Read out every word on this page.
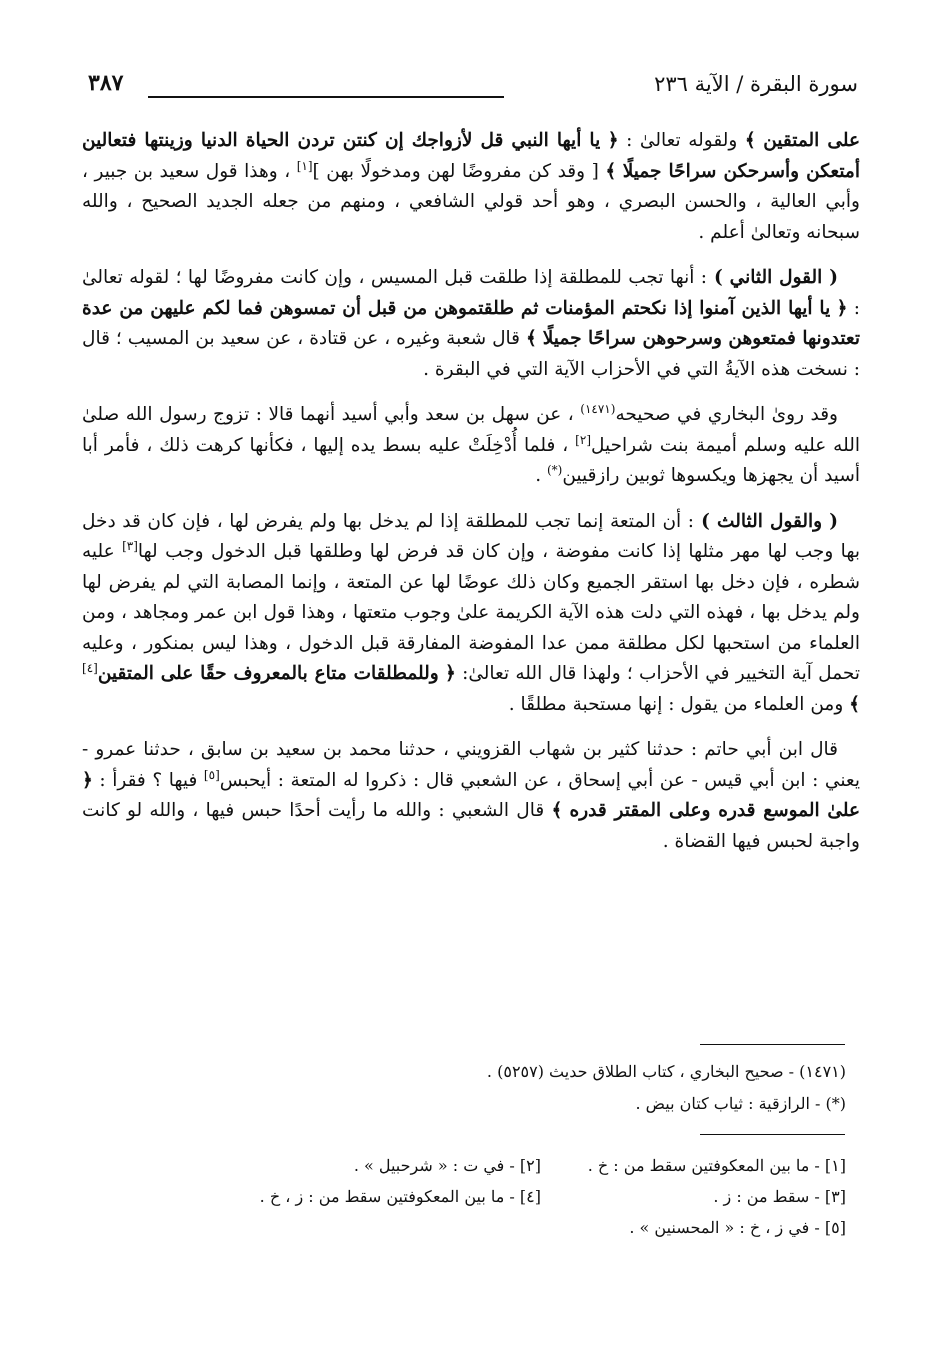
سورة البقرة / الآية ٢٣٦
٣٨٧

على المتقين ﴾ ولقوله تعالىٰ : ﴿ يا أيها النبي قل لأزواجك إن كنتن تردن الحياة الدنيا وزينتها فتعالين أمتعكن وأسرحكن سراحًا جميلًا ﴾ [ وقد كن مفروضًا لهن ومدخولًا بهن ][١] ، وهذا قول سعيد بن جبير ، وأبي العالية ، والحسن البصري ، وهو أحد قولي الشافعي ، ومنهم من جعله الجديد الصحيح ، والله سبحانه وتعالىٰ أعلم .

( القول الثاني ) : أنها تجب للمطلقة إذا طلقت قبل المسيس ، وإن كانت مفروضًا لها ؛ لقوله تعالىٰ : ﴿ يا أيها الذين آمنوا إذا نكحتم المؤمنات ثم طلقتموهن من قبل أن تمسوهن فما لكم عليهن من عدة تعتدونها فمتعوهن وسرحوهن سراحًا جميلًا ﴾ قال شعبة وغيره ، عن قتادة ، عن سعيد بن المسيب ؛ قال : نسخت هذه الآيةُ التي في الأحزاب الآية التي في البقرة .

وقد روىٰ البخاري في صحيحه$^{(١٤٧١)}$ ، عن سهل بن سعد وأبي أسيد أنهما قالا : تزوج رسول الله صلىٰ الله عليه وسلم أميمة بنت شراحيل[٢] ، فلما أُدْخِلَتْ عليه بسط يده إليها ، فكأنها كرهت ذلك ، فأمر أبا أسيد أن يجهزها ويكسوها ثوبين رازقيين(*) .

( والقول الثالث ) : أن المتعة إنما تجب للمطلقة إذا لم يدخل بها ولم يفرض لها ، فإن كان قد دخل بها وجب لها مهر مثلها إذا كانت مفوضة ، وإن كان قد فرض لها وطلقها قبل الدخول وجب لها[٣] عليه شطره ، فإن دخل بها استقر الجميع وكان ذلك عوضًا لها عن المتعة ، وإنما المصابة التي لم يفرض لها ولم يدخل بها ، فهذه التي دلت هذه الآية الكريمة علىٰ وجوب متعتها ، وهذا قول ابن عمر ومجاهد ، ومن العلماء من استحبها لكل مطلقة ممن عدا المفوضة المفارقة قبل الدخول ، وهذا ليس بمنكور ، وعليه تحمل آية التخيير في الأحزاب ؛ ولهذا قال الله تعالىٰ: ﴿ وللمطلقات متاع بالمعروف حقًا على المتقين[٤] ﴾ ومن العلماء من يقول : إنها مستحبة مطلقًا .

قال ابن أبي حاتم : حدثنا كثير بن شهاب القزويني ، حدثنا محمد بن سعيد بن سابق ، حدثنا عمرو - يعني : ابن أبي قيس - عن أبي إسحاق ، عن الشعبي قال : ذكروا له المتعة : أيحبس[٥] فيها ؟ فقرأ : ﴿ علىٰ الموسع قدره وعلى المقتر قدره ﴾ قال الشعبي : والله ما رأيت أحدًا حبس فيها ، والله لو كانت واجبة لحبس فيها القضاة .

(١٤٧١) - صحيح البخاري ، كتاب الطلاق حديث (٥٢٥٧) .
(*) - الرازقية : ثياب كتان بيض .
[١] - ما بين المعكوفتين سقط من : خ .
[٢] - في ت : « شرحبيل » .
[٣] - سقط من : ز .
[٤] - ما بين المعكوفتين سقط من : ز ، خ .
[٥] - في ز ، خ : « المحسنين » .
